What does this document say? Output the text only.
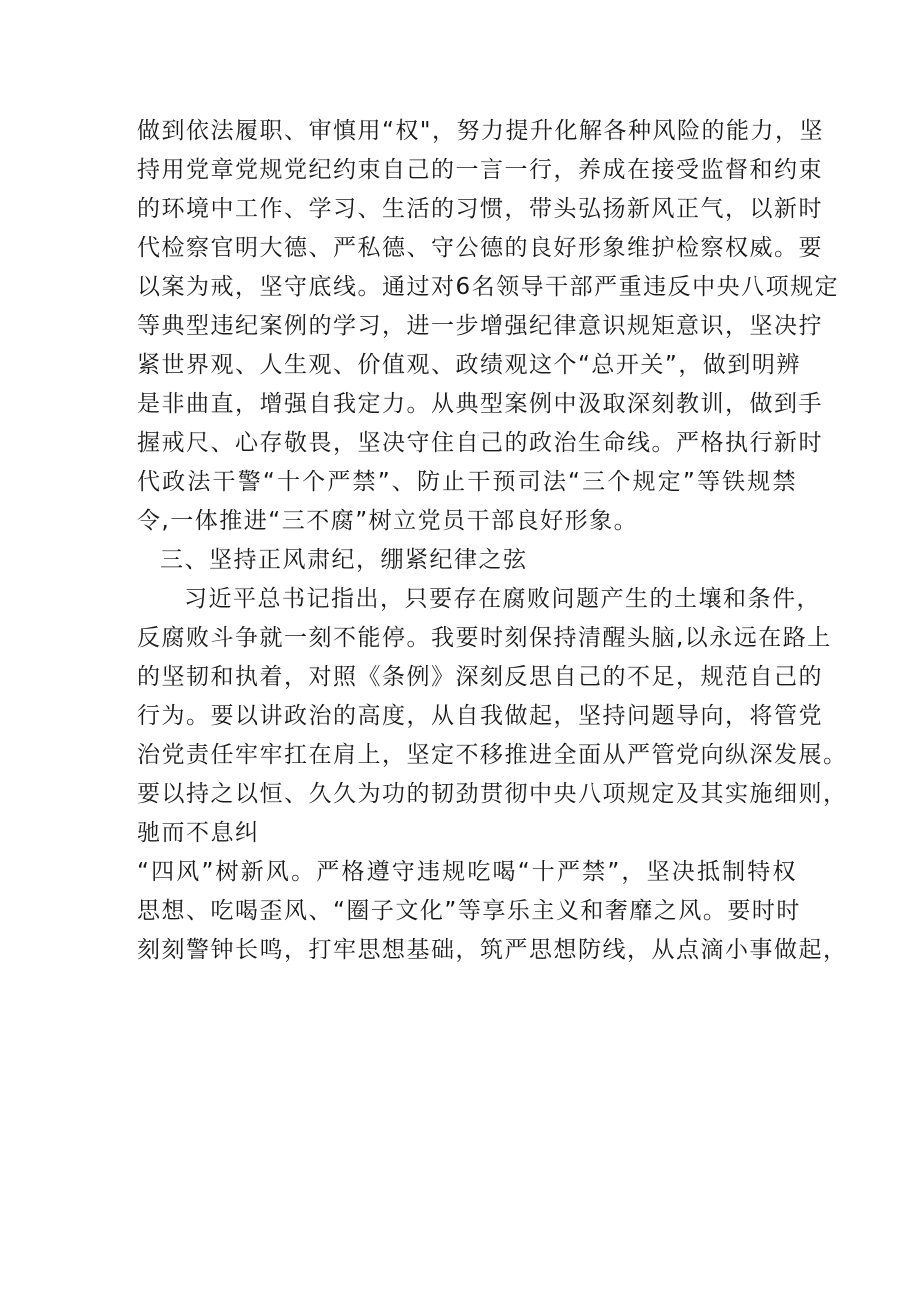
做到依法履职、审慎用“权"，努力提升化解各种风险的能力，坚
持用党章党规党纪约束自己的一言一行，养成在接受监督和约束
的环境中工作、学习、生活的习惯，带头弘扬新风正气，以新时
代检察官明大德、严私德、守公德的良好形象维护检察权威。要
以案为戒，坚守底线。通过对6名领导干部严重违反中央八项规定
等典型违纪案例的学习，进一步增强纪律意识规矩意识，坚决拧
紧世界观、人生观、价值观、政绩观这个“总开关”，做到明辨
是非曲直，增强自我定力。从典型案例中汲取深刻教训，做到手
握戒尺、心存敬畏，坚决守住自己的政治生命线。严格执行新时
代政法干警“十个严禁”、防止干预司法“三个规定”等铁规禁
令,一体推进“三不腐”树立党员干部良好形象。
三、坚持正风肃纪，绷紧纪律之弦
习近平总书记指出，只要存在腐败问题产生的土壤和条件，
反腐败斗争就一刻不能停。我要时刻保持清醒头脑,以永远在路上
的坚韧和执着，对照《条例》深刻反思自己的不足，规范自己的
行为。要以讲政治的高度，从自我做起，坚持问题导向，将管党
治党责任牢牢扛在肩上，坚定不移推进全面从严管党向纵深发展。
要以持之以恒、久久为功的韧劲贯彻中央八项规定及其实施细则，
驰而不息纠
“四风”树新风。严格遵守违规吃喝“十严禁”，坚决抵制特权
思想、吃喝歪风、“圈子文化”等享乐主义和奢靡之风。要时时
刻刻警钟长鸣，打牢思想基础，筑严思想防线，从点滴小事做起，
